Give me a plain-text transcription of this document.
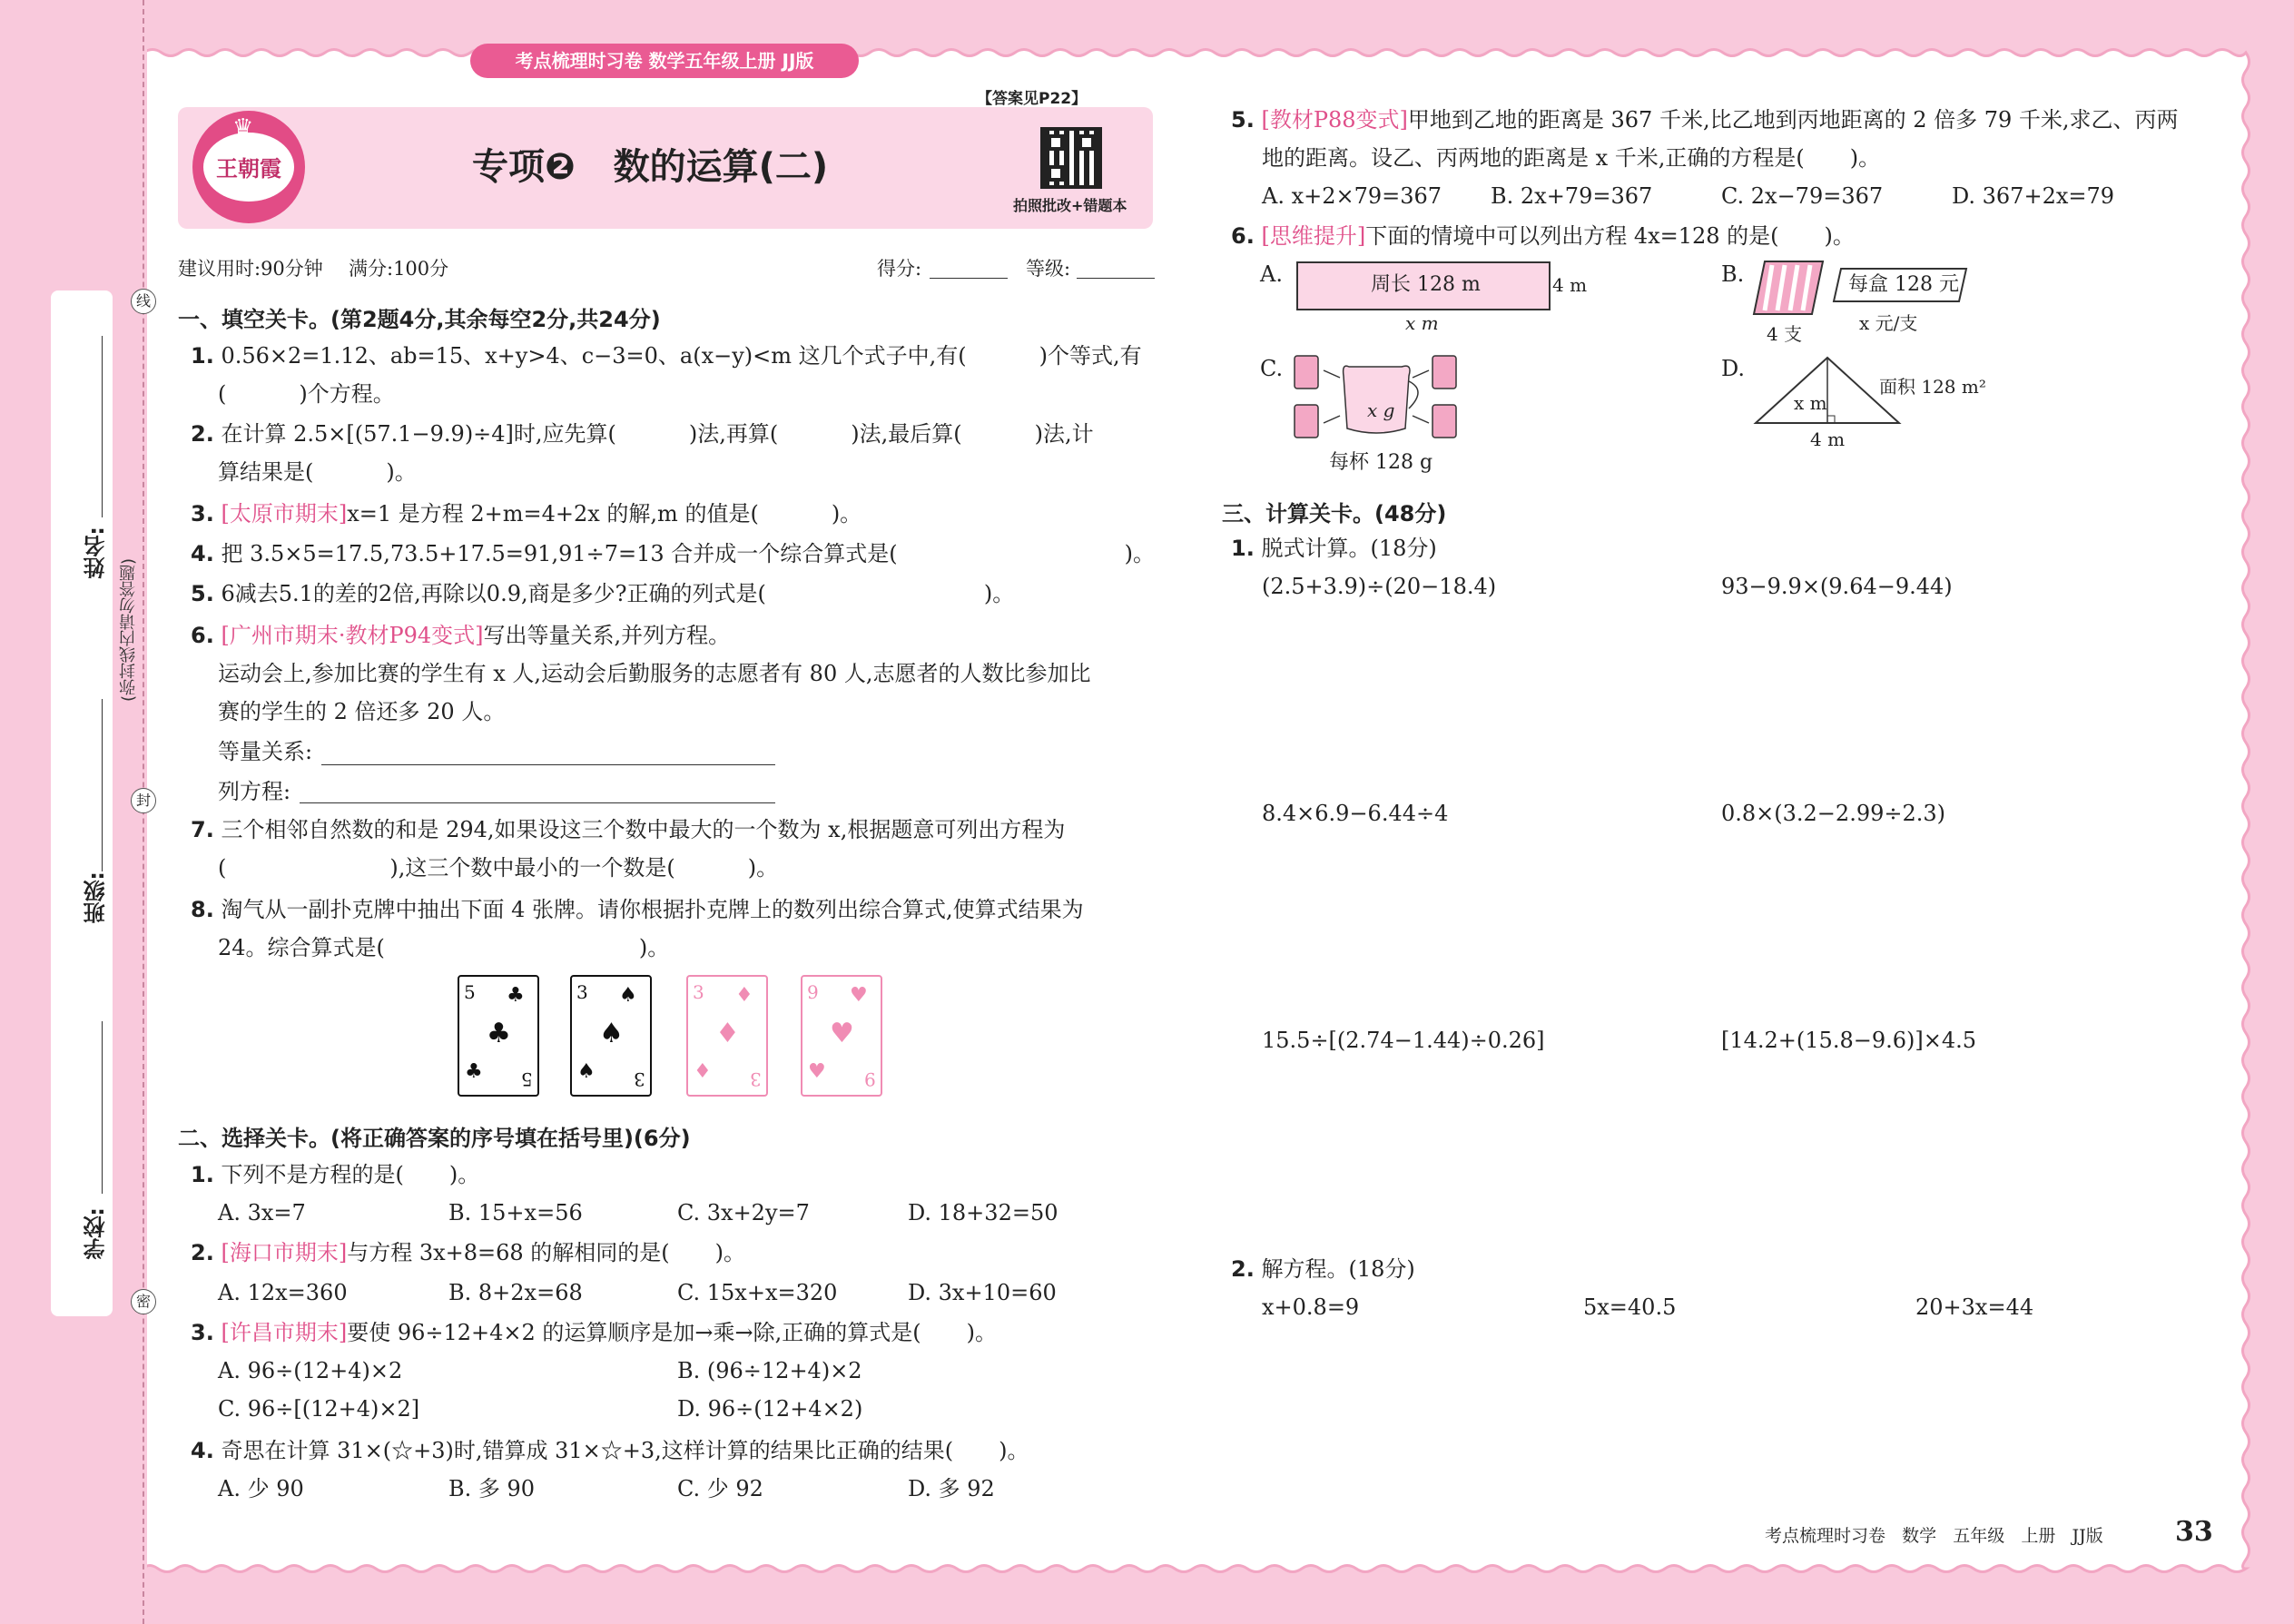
学校:
班级:
姓名:
(弥封线内请勿答题)
线
封
密
考点梳理时习卷 数学五年级上册 JJ版
♛
王朝霞	专项❷   数的运算(二)
【答案见P22】
拍照批改+错题本
建议用时:90分钟 满分:100分	得分:	等级:
一、填空关卡。(第2题4分,其余每空2分,共24分)
1. 0.56×2=1.12、ab=15、x+y>4、c−3=0、a(x−y)<m 这几个式子中,有(	)个等式,有
(	)个方程。
2. 在计算 2.5×[(57.1−9.9)÷4]时,应先算(	)法,再算(	)法,最后算(	)法,计
算结果是(	)。
3. [太原市期末]x=1 是方程 2+m=4+2x 的解,m 的值是(	)。
4. 把 3.5×5=17.5,73.5+17.5=91,91÷7=13 合并成一个综合算式是(	)。
5. 6减去5.1的差的2倍,再除以0.9,商是多少?正确的列式是(	)。
6. [广州市期末·教材P94变式]写出等量关系,并列方程。
运动会上,参加比赛的学生有 x 人,运动会后勤服务的志愿者有 80 人,志愿者的人数比参加比
赛的学生的 2 倍还多 20 人。
等量关系:
列方程:
7. 三个相邻自然数的和是 294,如果设这三个数中最大的一个数为 x,根据题意可列出方程为
(	),这三个数中最小的一个数是(	)。
8. 淘气从一副扑克牌中抽出下面 4 张牌。请你根据扑克牌上的数列出综合算式,使算式结果为
24。综合算式是(	)。
5
♣
♣
♣ 5
3
♠
♠
♠ 3
3
♦
♦
♦ 3
9
♥
♥
♥ 9
二、选择关卡。(将正确答案的序号填在括号里)(6分)
1. 下列不是方程的是( )。
A. 3x=7	B. 15+x=56	C. 3x+2y=7	D. 18+32=50
2. [海口市期末]与方程 3x+8=68 的解相同的是( )。
A. 12x=360	B. 8+2x=68	C. 15x+x=320	D. 3x+10=60
3. [许昌市期末]要使 96÷12+4×2 的运算顺序是加→乘→除,正确的算式是( )。
A. 96÷(12+4)×2	B. (96÷12+4)×2
C. 96÷[(12+4)×2]	D. 96÷(12+4×2)
4. 奇思在计算 31×(☆+3)时,错算成 31×☆+3,这样计算的结果比正确的结果( )。
A. 少 90	B. 多 90	C. 少 92	D. 多 92
5. [教材P88变式]甲地到乙地的距离是 367 千米,比乙地到丙地距离的 2 倍多 79 千米,求乙、丙两
地的距离。设乙、丙两地的距离是 x 千米,正确的方程是( )。
A. x+2×79=367 B. 2x+79=367	C. 2x−79=367	D. 367+2x=79
6. [思维提升]下面的情境中可以列出方程 4x=128 的是( )。
A.	周长 128 m	4 m
x m
B.	每盒 128 元
4 支	x 元/支
C.
x g
每杯 128 g
D.
x m
面积 128 m²
4 m
三、计算关卡。(48分)
1. 脱式计算。(18分)
(2.5+3.9)÷(20−18.4)	93−9.9×(9.64−9.44)
8.4×6.9−6.44÷4	0.8×(3.2−2.99÷2.3)
15.5÷[(2.74−1.44)÷0.26]	[14.2+(15.8−9.6)]×4.5
2. 解方程。(18分)
x+0.8=9	5x=40.5	20+3x=44
考点梳理时习卷   数学   五年级   上册   JJ版	33
